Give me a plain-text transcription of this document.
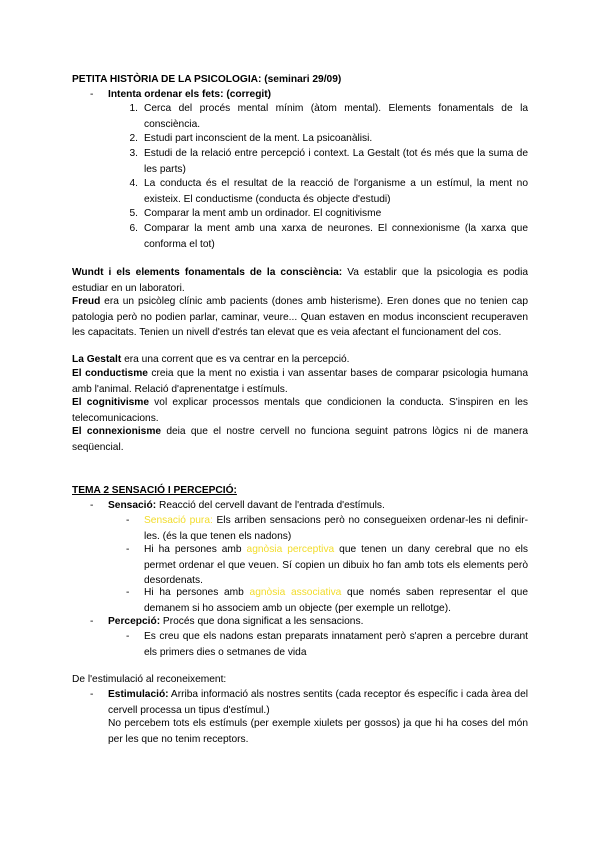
PETITA HISTÒRIA DE LA PSICOLOGIA: (seminari 29/09)
-	Intenta ordenar els fets: (corregit)
1. Cerca del procés mental mínim (àtom mental). Elements fonamentals de la consciència.
2. Estudi part inconscient de la ment. La psicoanàlisi.
3. Estudi de la relació entre percepció i context. La Gestalt (tot és més que la suma de les parts)
4. La conducta és el resultat de la reacció de l'organisme a un estímul, la ment no existeix. El conductisme (conducta és objecte d'estudi)
5. Comparar la ment amb un ordinador. El cognitivisme
6. Comparar la ment amb una xarxa de neurones. El connexionisme (la xarxa que conforma el tot)

Wundt i els elements fonamentals de la consciència: Va establir que la psicologia es podia estudiar en un laboratori.

Freud era un psicòleg clínic amb pacients (dones amb histerisme). Eren dones que no tenien cap patologia però no podien parlar, caminar, veure... Quan estaven en modus inconscient recuperaven les capacitats. Tenien un nivell d'estrés tan elevat que es veia afectant el funcionament del cos.

La Gestalt era una corrent que es va centrar en la percepció.

El conductisme creia que la ment no existia i van assentar bases de comparar psicologia humana amb l'animal. Relació d'aprenentatge i estímuls.

El cognitivisme vol explicar processos mentals que condicionen la conducta. S'inspiren en les telecomunicacions.

El connexionisme deia que el nostre cervell no funciona seguint patrons lògics ni de manera seqüencial.

TEMA 2 SENSACIÓ I PERCEPCIÓ:
-	Sensació: Reacció del cervell davant de l'entrada d'estímuls.
-	Sensació pura: Els arriben sensacions però no consegueixen ordenar-les ni definir-les. (és la que tenen els nadons)
-	Hi ha persones amb agnòsia perceptiva que tenen un dany cerebral que no els permet ordenar el que veuen. Sí copien un dibuix ho fan amb tots els elements però desordenats.
-	Hi ha persones amb agnòsia associativa que només saben representar el que demanem si ho associem amb un objecte (per exemple un rellotge).
-	Percepció: Procés que dona significat a les sensacions.
-	Es creu que els nadons estan preparats innatament però s'apren a percebre durant els primers dies o setmanes de vida

De l'estimulació al reconeixement:

-	Estimulació: Arriba informació als nostres sentits (cada receptor és específic i cada àrea del cervell processa un tipus d'estímul.)
No percebem tots els estímuls (per exemple xiulets per gossos) ja que hi ha coses del món per les que no tenim receptors.
